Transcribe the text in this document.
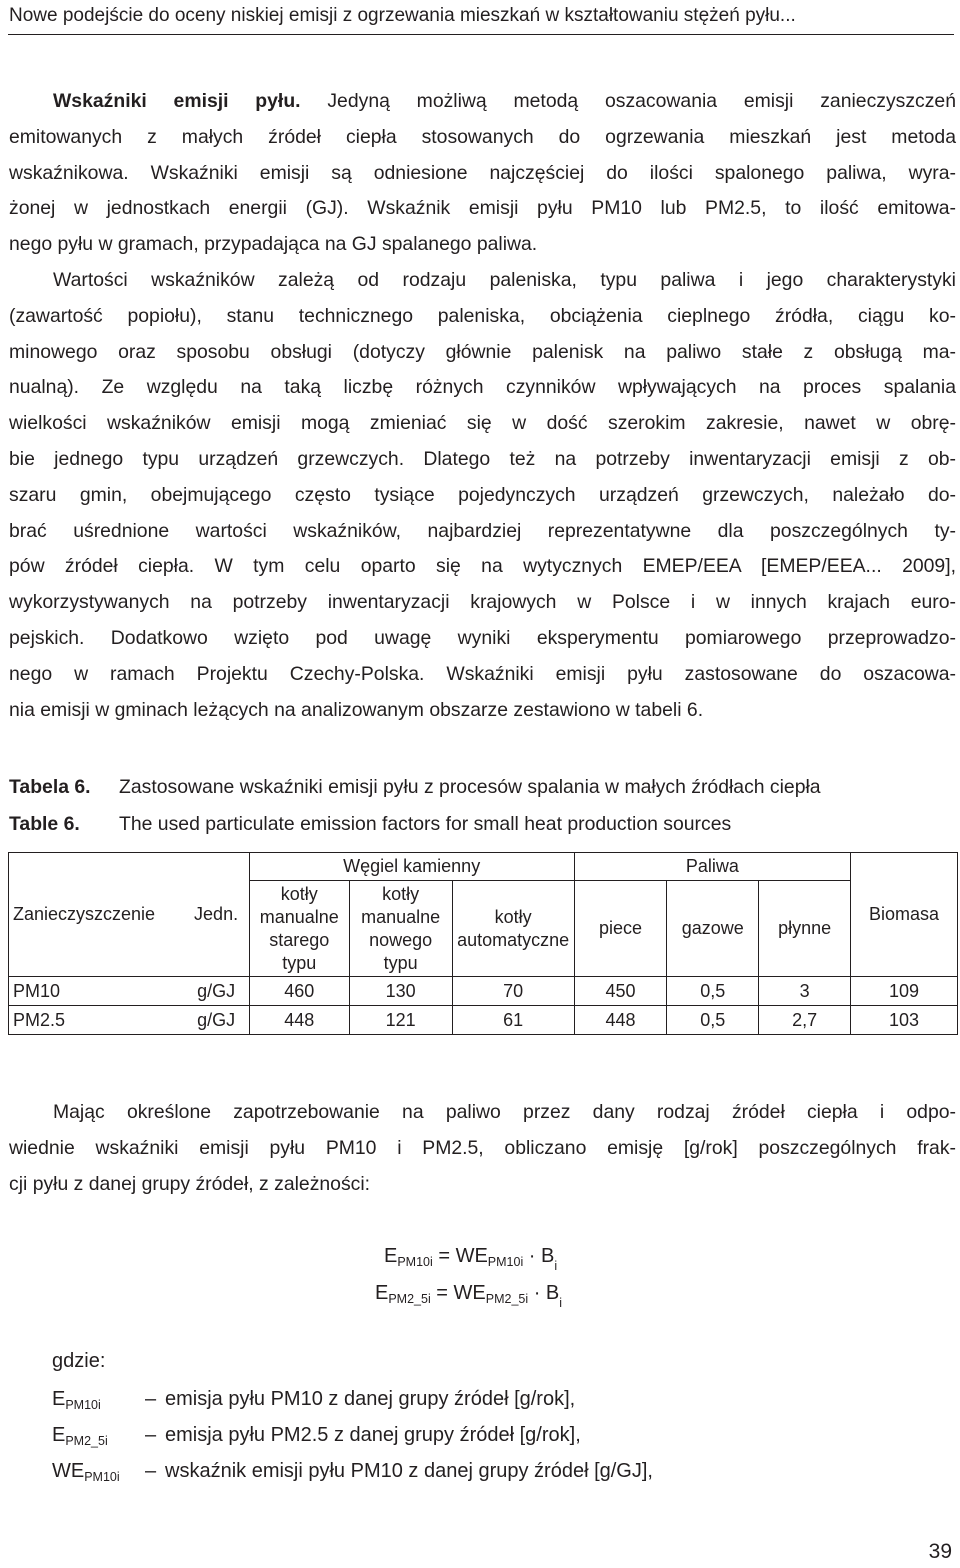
Nowe podejście do oceny niskiej emisji z ogrzewania mieszkań w kształtowaniu stężeń pyłu...
Wskaźniki emisji pyłu. Jedyną możliwą metodą oszacowania emisji zanieczyszczeń
emitowanych z małych źródeł ciepła stosowanych do ogrzewania mieszkań jest metoda
wskaźnikowa. Wskaźniki emisji są odniesione najczęściej do ilości spalonego paliwa, wyra-
żonej w jednostkach energii (GJ). Wskaźnik emisji pyłu PM10 lub PM2.5, to ilość emitowa-
nego pyłu w gramach, przypadająca na GJ spalanego paliwa.
Wartości wskaźników zależą od rodzaju paleniska, typu paliwa i jego charakterystyki
(zawartość popiołu), stanu technicznego paleniska, obciążenia cieplnego źródła, ciągu ko-
minowego oraz sposobu obsługi (dotyczy głównie palenisk na paliwo stałe z obsługą ma-
nualną). Ze względu na taką liczbę różnych czynników wpływających na proces spalania
wielkości wskaźników emisji mogą zmieniać się w dość szerokim zakresie, nawet w obrę-
bie jednego typu urządzeń grzewczych. Dlatego też na potrzeby inwentaryzacji emisji z ob-
szaru gmin, obejmującego często tysiące pojedynczych urządzeń grzewczych, należało do-
brać uśrednione wartości wskaźników, najbardziej reprezentatywne dla poszczególnych ty-
pów źródeł ciepła. W tym celu oparto się na wytycznych EMEP/EEA [EMEP/EEA... 2009],
wykorzystywanych na potrzeby inwentaryzacji krajowych w Polsce i w innych krajach euro-
pejskich. Dodatkowo wzięto pod uwagę wyniki eksperymentu pomiarowego przeprowadzo-
nego w ramach Projektu Czechy-Polska. Wskaźniki emisji pyłu zastosowane do oszacowa-
nia emisji w gminach leżących na analizowanym obszarze zestawiono w tabeli 6.
Tabela 6. Zastosowane wskaźniki emisji pyłu z procesów spalania w małych źródłach ciepła
Table 6. The used particulate emission factors for small heat production sources
Zanieczyszczenie	Jedn.	Węgiel kamienny			Paliwa			Biomasa
		kotły manualne starego typu	kotły manualne nowego typu	kotły automatyczne	piece	gazowe	płynne	
PM10	g/GJ	460	130	70	450	0,5	3	109
PM2.5	g/GJ	448	121	61	448	0,5	2,7	103
Mając określone zapotrzebowanie na paliwo przez dany rodzaj źródeł ciepła i odpo-
wiednie wskaźniki emisji pyłu PM10 i PM2.5, obliczano emisję [g/rok] poszczególnych frak-
cji pyłu z danej grupy źródeł, z zależności:
$E_{PM10i} = WE_{PM10i} \cdot B_i$
$E_{PM2\_5i} = WE_{PM2\_5i} \cdot B_i$
gdzie:
$E_{PM10i}$ – emisja pyłu PM10 z danej grupy źródeł [g/rok],
$E_{PM2\_5i}$ – emisja pyłu PM2.5 z danej grupy źródeł [g/rok],
$WE_{PM10i}$ – wskaźnik emisji pyłu PM10 z danej grupy źródeł [g/GJ],
39
